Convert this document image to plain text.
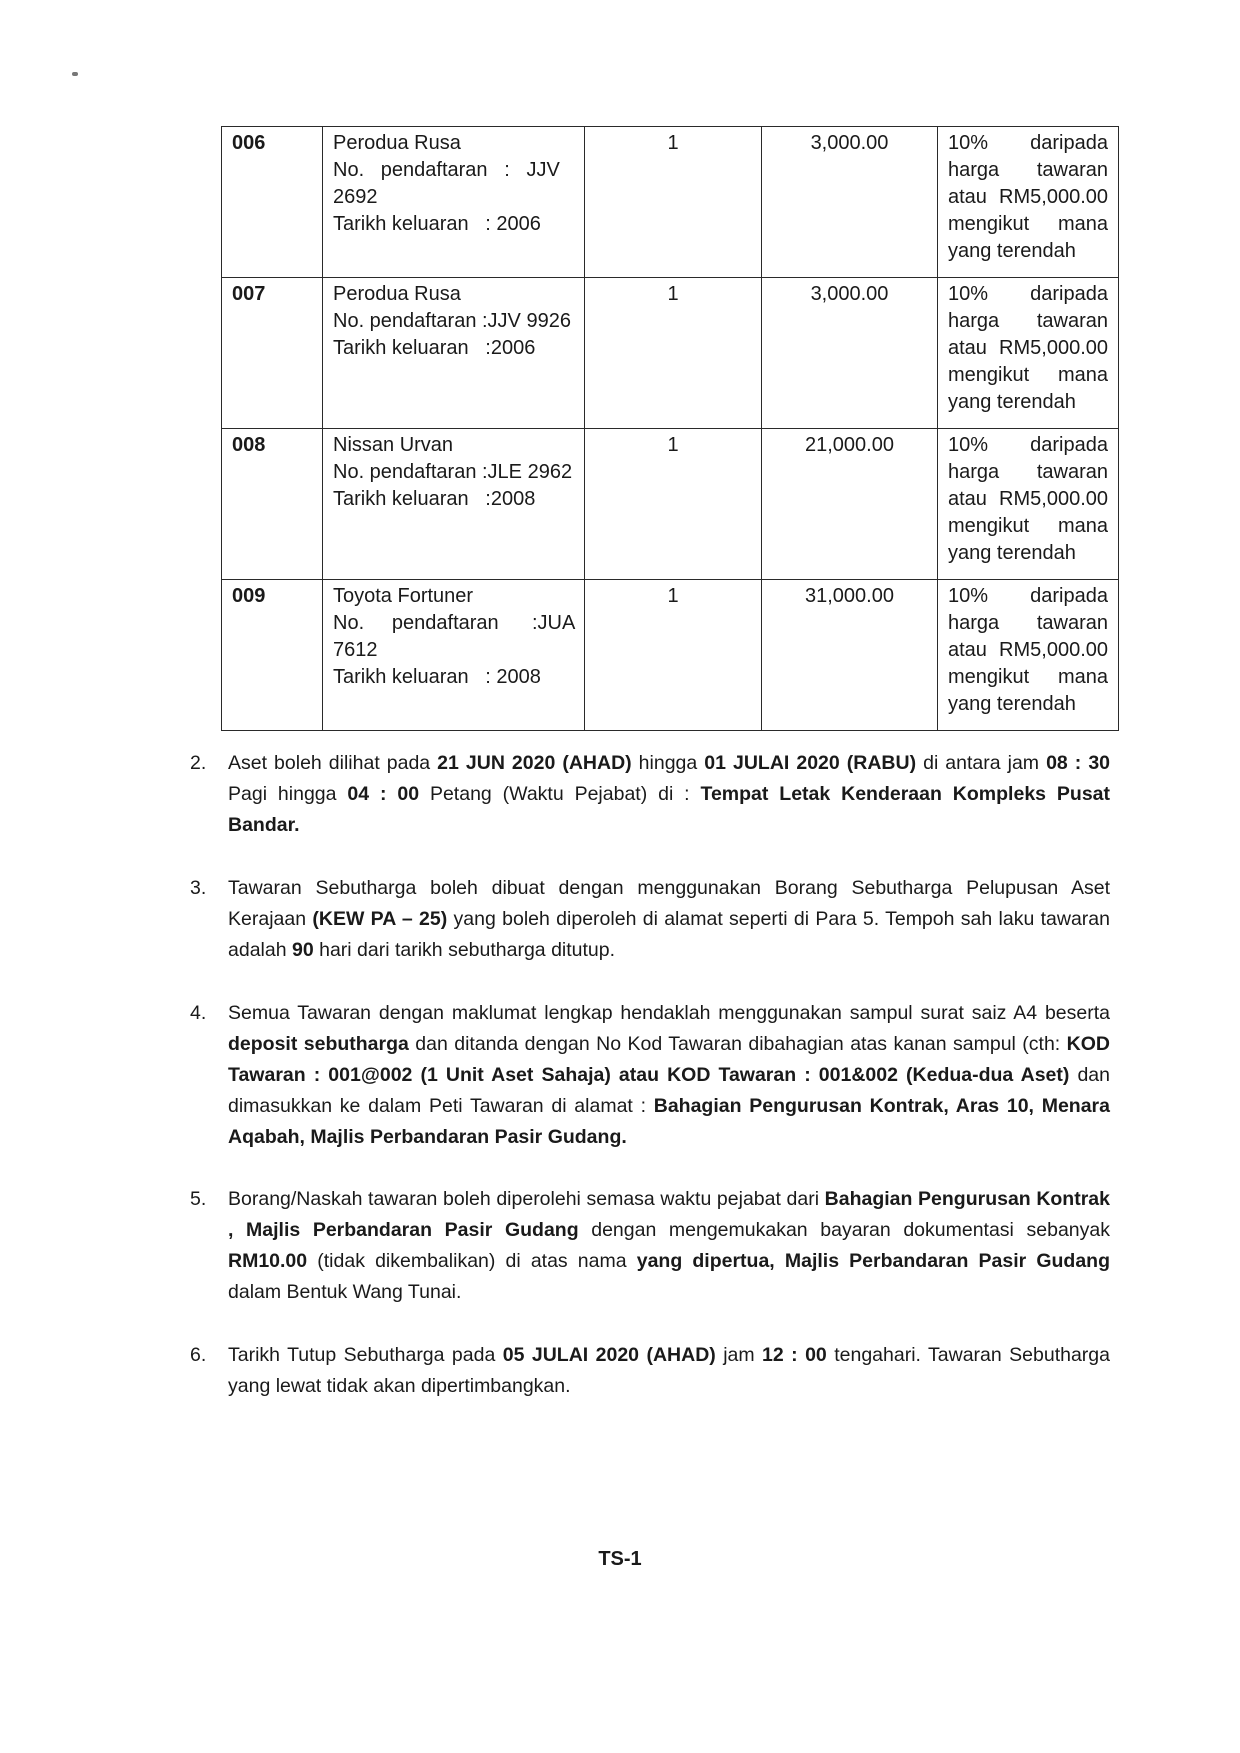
006	Perodua Rusa
No.   pendaftaran   :   JJV
2692
Tarikh keluaran   : 2006	1	3,000.00	10% daripada
harga tawaran
atau RM5,000.00
mengikut mana
yang terendah

007	Perodua Rusa
No. pendaftaran :JJV 9926
Tarikh keluaran   :2006	1	3,000.00	10% daripada
harga tawaran
atau RM5,000.00
mengikut mana
yang terendah

008	Nissan Urvan
No. pendaftaran :JLE 2962
Tarikh keluaran   :2008	1	21,000.00	10% daripada
harga tawaran
atau RM5,000.00
mengikut mana
yang terendah

009	Toyota Fortuner
No.     pendaftaran      :JUA
7612
Tarikh keluaran   : 2008	1	31,000.00	10% daripada
harga tawaran
atau RM5,000.00
mengikut mana
yang terendah
2. Aset boleh dilihat pada 21 JUN 2020 (AHAD) hingga 01 JULAI 2020 (RABU) di antara jam 08 : 30 Pagi hingga 04 : 00 Petang (Waktu Pejabat) di : Tempat Letak Kenderaan Kompleks Pusat Bandar.
3. Tawaran Sebutharga boleh dibuat dengan menggunakan Borang Sebutharga Pelupusan Aset Kerajaan (KEW PA – 25) yang boleh diperoleh di alamat seperti di Para 5. Tempoh sah laku tawaran adalah 90 hari dari tarikh sebutharga ditutup.
4. Semua Tawaran dengan maklumat lengkap hendaklah menggunakan sampul surat saiz A4 beserta deposit sebutharga dan ditanda dengan No Kod Tawaran dibahagian atas kanan sampul (cth: KOD Tawaran : 001@002 (1 Unit Aset Sahaja) atau KOD Tawaran : 001&002 (Kedua-dua Aset) dan dimasukkan ke dalam Peti Tawaran di alamat : Bahagian Pengurusan Kontrak, Aras 10, Menara Aqabah, Majlis Perbandaran Pasir Gudang.
5. Borang/Naskah tawaran boleh diperolehi semasa waktu pejabat dari Bahagian Pengurusan Kontrak , Majlis Perbandaran Pasir Gudang dengan mengemukakan bayaran dokumentasi sebanyak RM10.00 (tidak dikembalikan) di atas nama yang dipertua, Majlis Perbandaran Pasir Gudang dalam Bentuk Wang Tunai.
6. Tarikh Tutup Sebutharga pada 05 JULAI 2020 (AHAD) jam 12 : 00 tengahari. Tawaran Sebutharga yang lewat tidak akan dipertimbangkan.
TS-1
